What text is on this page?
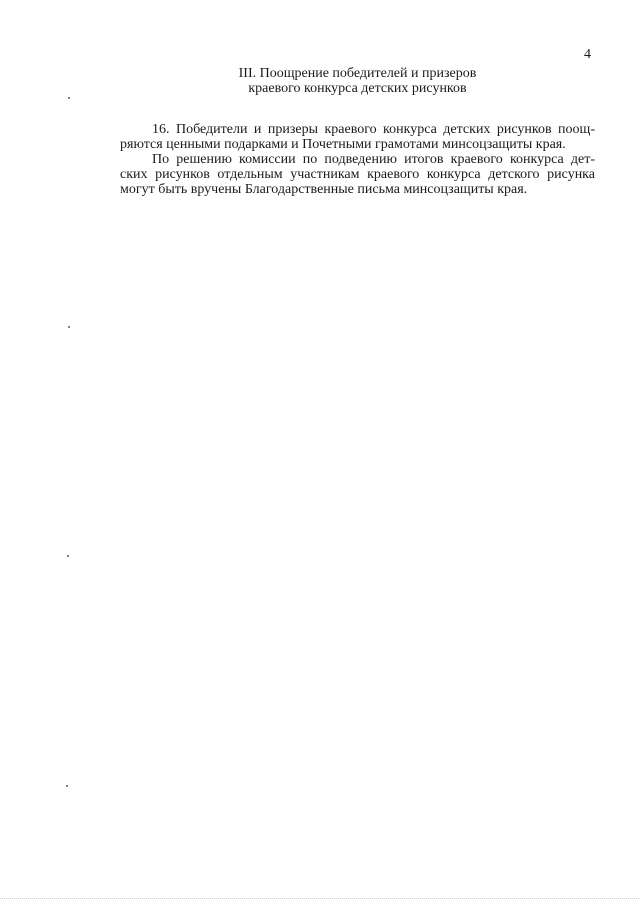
4
III. Поощрение победителей и призеров
краевого конкурса детских рисунков

16. Победители и призеры краевого конкурса детских рисунков поощ-
ряются ценными подарками и Почетными грамотами минсоцзащиты края.

По решению комиссии по подведению итогов краевого конкурса дет-
ских рисунков отдельным участникам краевого конкурса детского рисунка
могут быть вручены Благодарственные письма минсоцзащиты края.
